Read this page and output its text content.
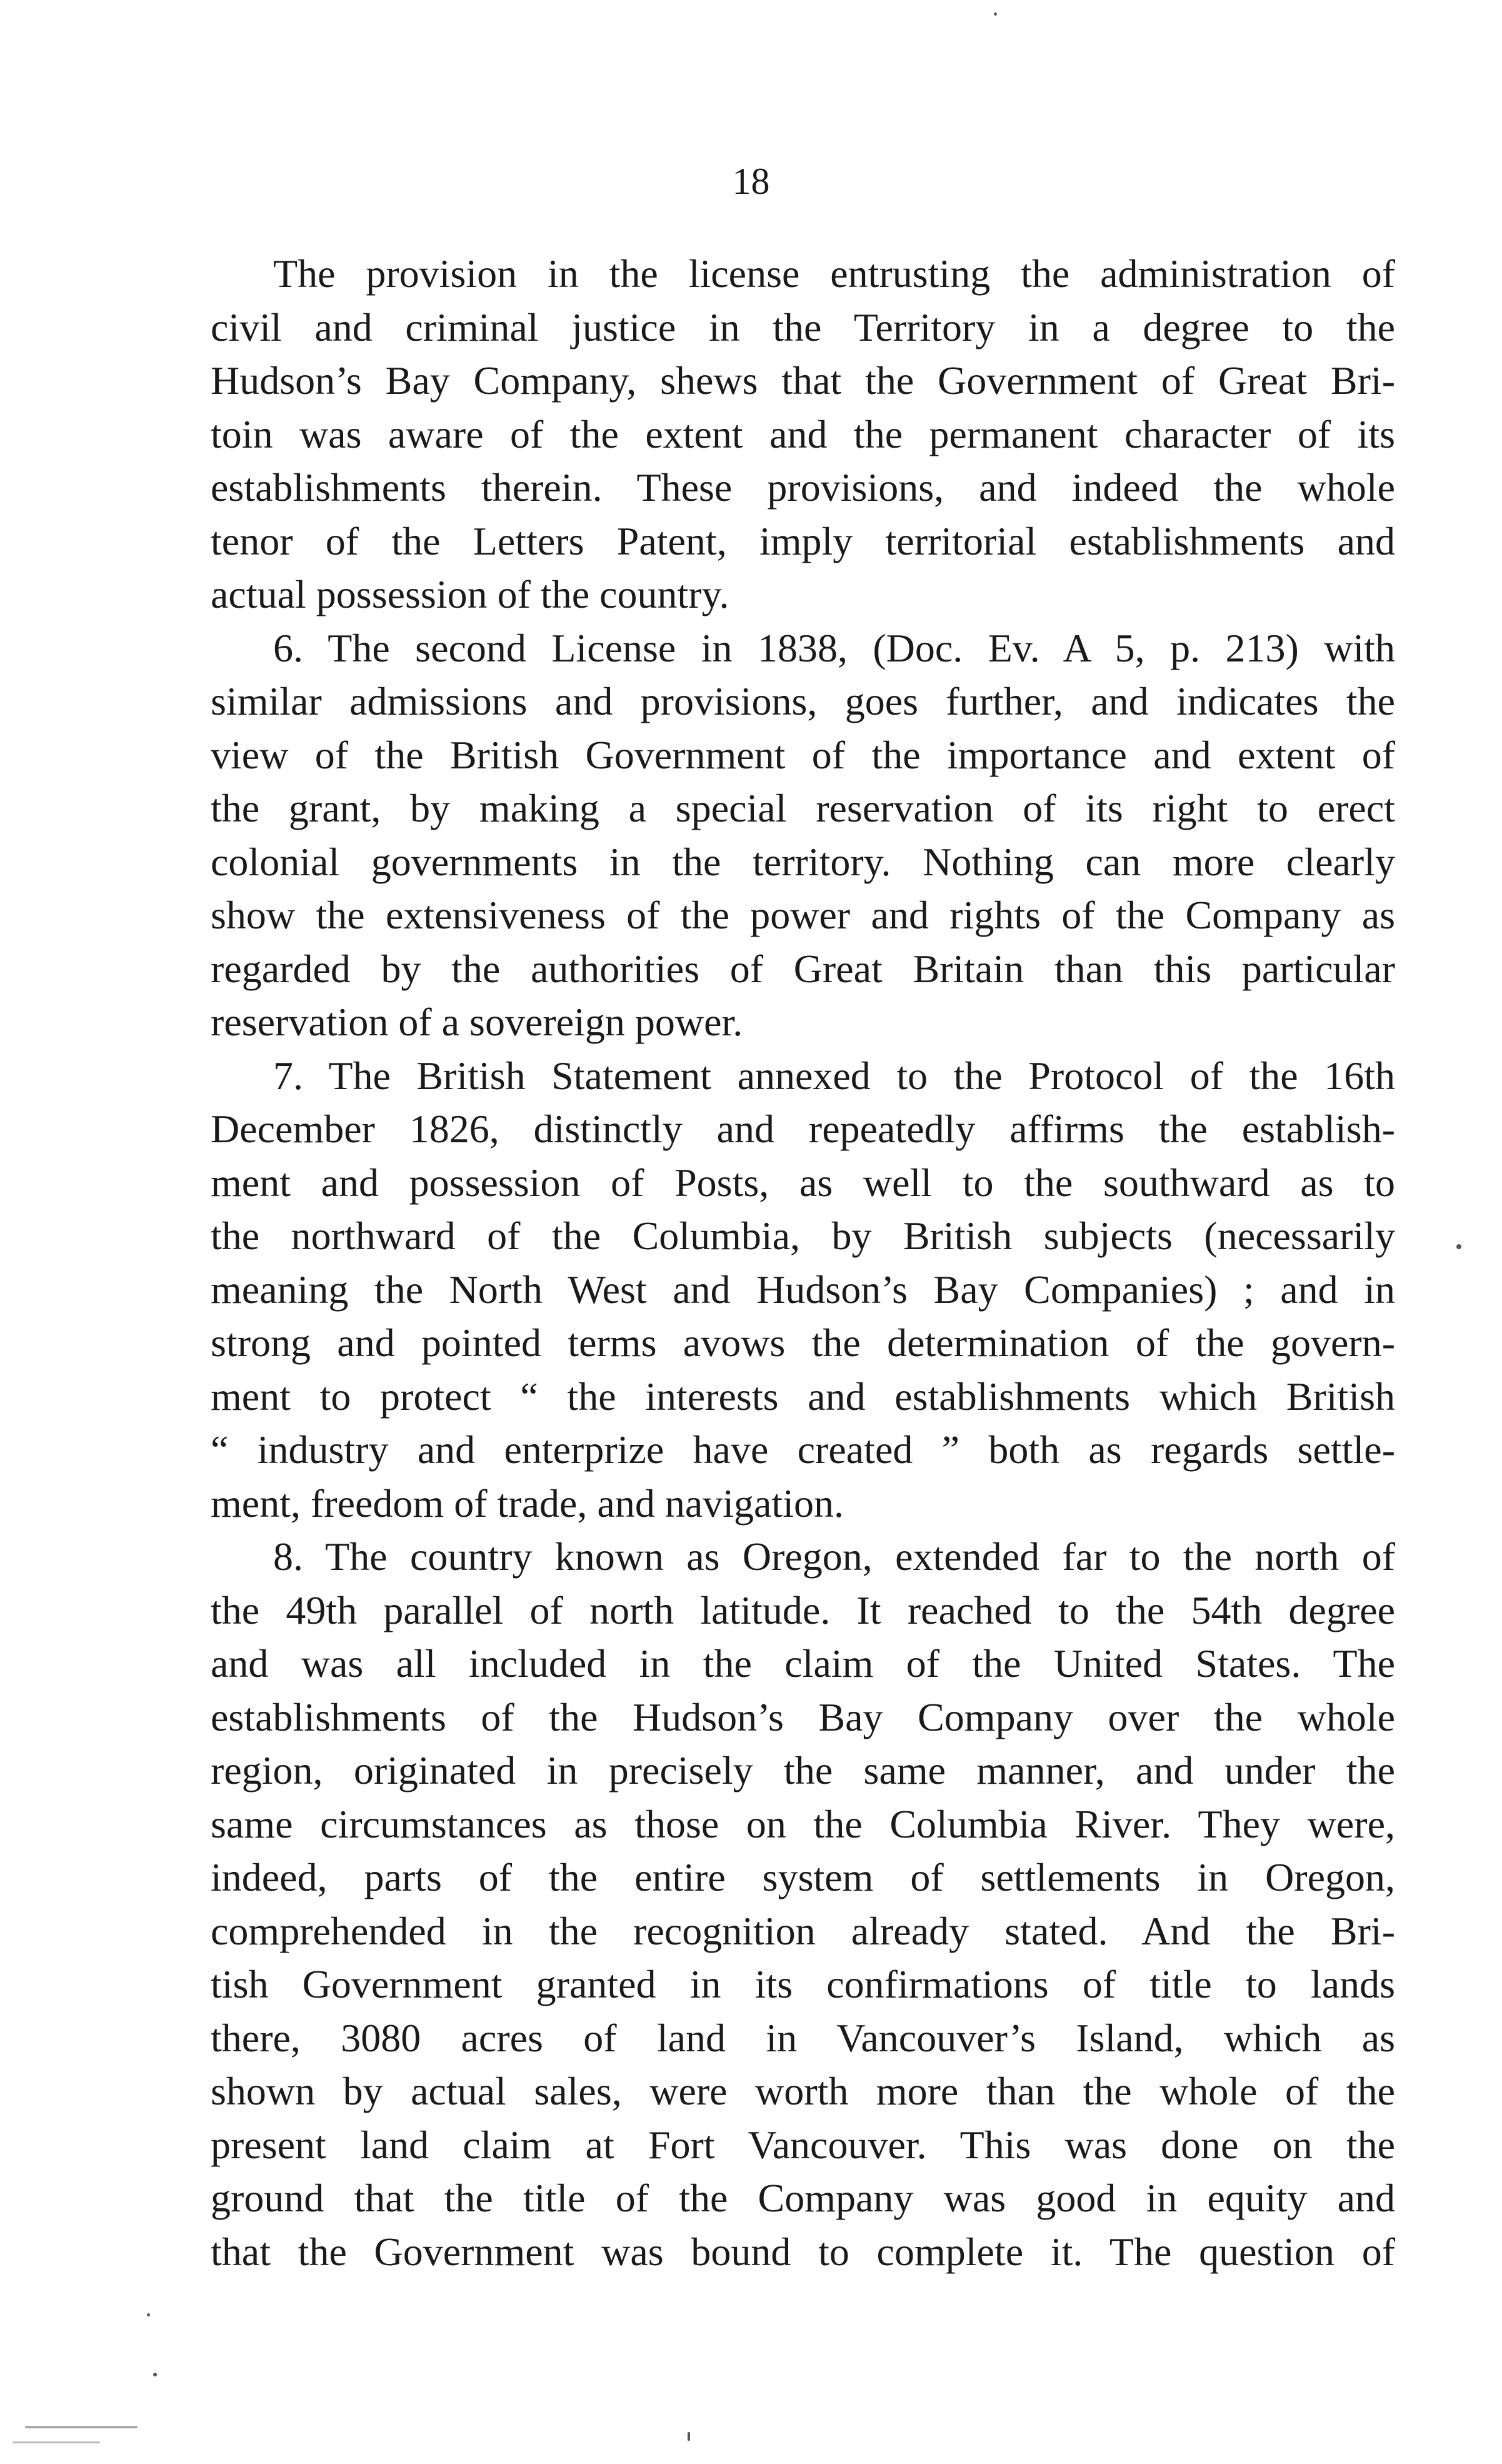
18
The provision in the license entrusting the administration of
civil and criminal justice in the Territory in a degree to the
Hudson’s Bay Company, shews that the Government of Great Bri-
toin was aware of the extent and the permanent character of its
establishments therein. These provisions, and indeed the whole
tenor of the Letters Patent, imply territorial establishments and
actual possession of the country.
6. The second License in 1838, (Doc. Ev. A 5, p. 213) with
similar admissions and provisions, goes further, and indicates the
view of the British Government of the importance and extent of
the grant, by making a special reservation of its right to erect
colonial governments in the territory. Nothing can more clearly
show the extensiveness of the power and rights of the Company as
regarded by the authorities of Great Britain than this particular
reservation of a sovereign power.
7. The British Statement annexed to the Protocol of the 16th
December 1826, distinctly and repeatedly affirms the establish-
ment and possession of Posts, as well to the southward as to
the northward of the Columbia, by British subjects (necessarily
meaning the North West and Hudson’s Bay Companies) ; and in
strong and pointed terms avows the determination of the govern-
ment to protect “ the interests and establishments which British
“ industry and enterprize have created ” both as regards settle-
ment, freedom of trade, and navigation.
8. The country known as Oregon, extended far to the north of
the 49th parallel of north latitude. It reached to the 54th degree
and was all included in the claim of the United States. The
establishments of the Hudson’s Bay Company over the whole
region, originated in precisely the same manner, and under the
same circumstances as those on the Columbia River. They were,
indeed, parts of the entire system of settlements in Oregon,
comprehended in the recognition already stated. And the Bri-
tish Government granted in its confirmations of title to lands
there, 3080 acres of land in Vancouver’s Island, which as
shown by actual sales, were worth more than the whole of the
present land claim at Fort Vancouver. This was done on the
ground that the title of the Company was good in equity and
that the Government was bound to complete it. The question of
